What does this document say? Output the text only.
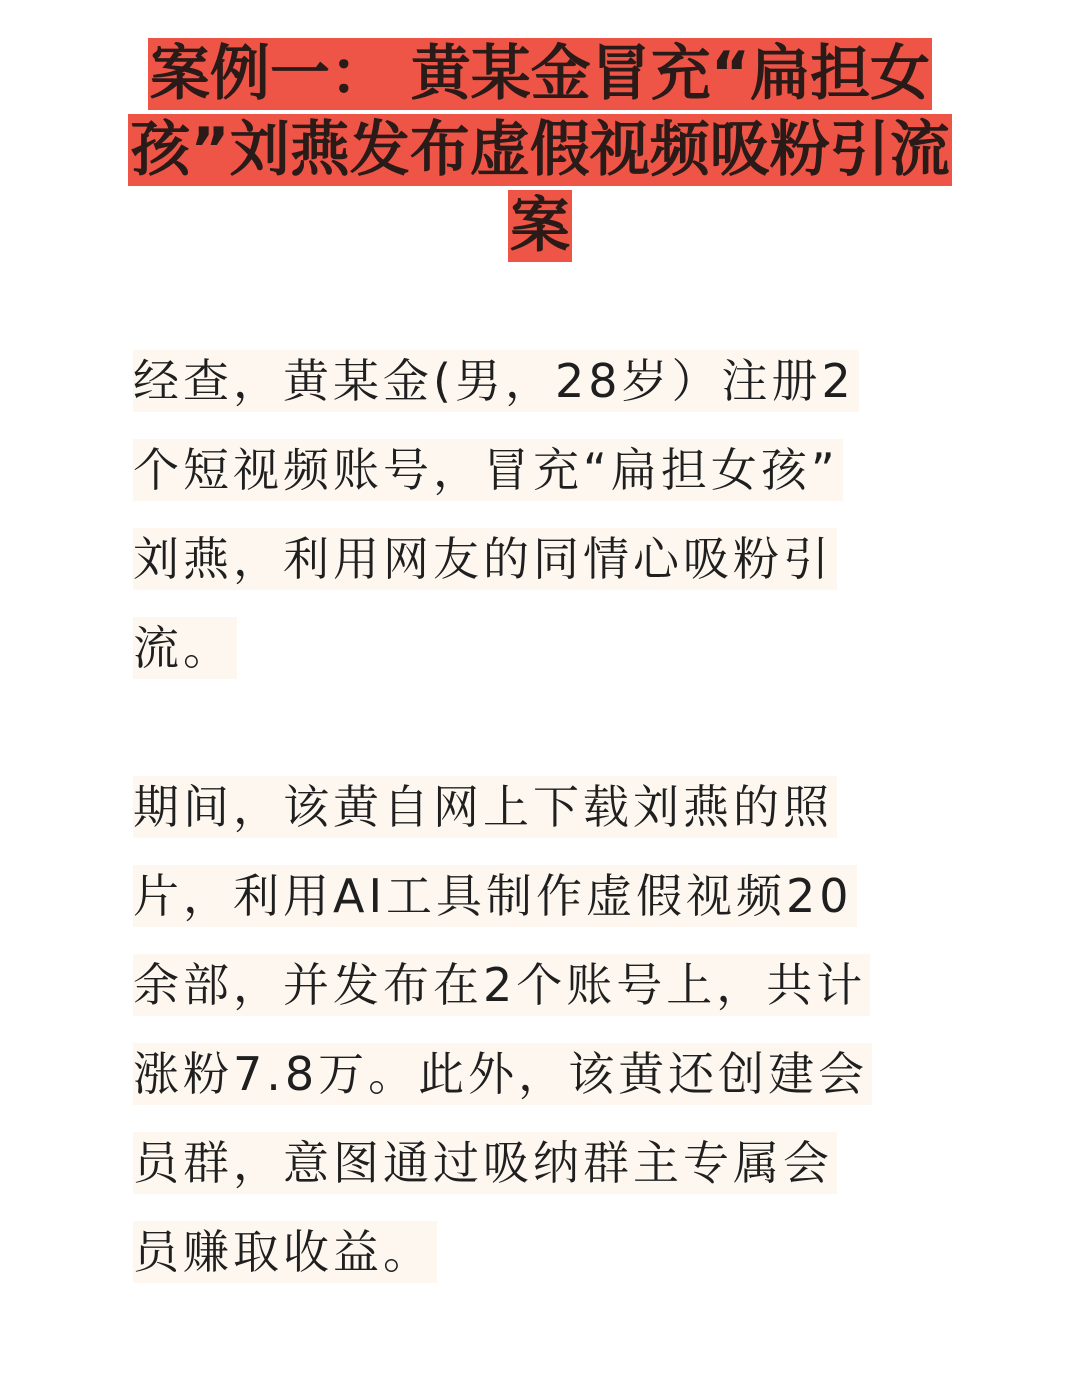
案例一： 黄某金冒充“扁担女
孩”刘燕发布虚假视频吸粉引流
案
经查，黄某金(男，28岁）注册2
个短视频账号，冒充“扁担女孩”
刘燕，利用网友的同情心吸粉引
流。
期间，该黄自网上下载刘燕的照
片，利用AI工具制作虚假视频20
余部，并发布在2个账号上，共计
涨粉7.8万。此外，该黄还创建会
员群，意图通过吸纳群主专属会
员赚取收益。
